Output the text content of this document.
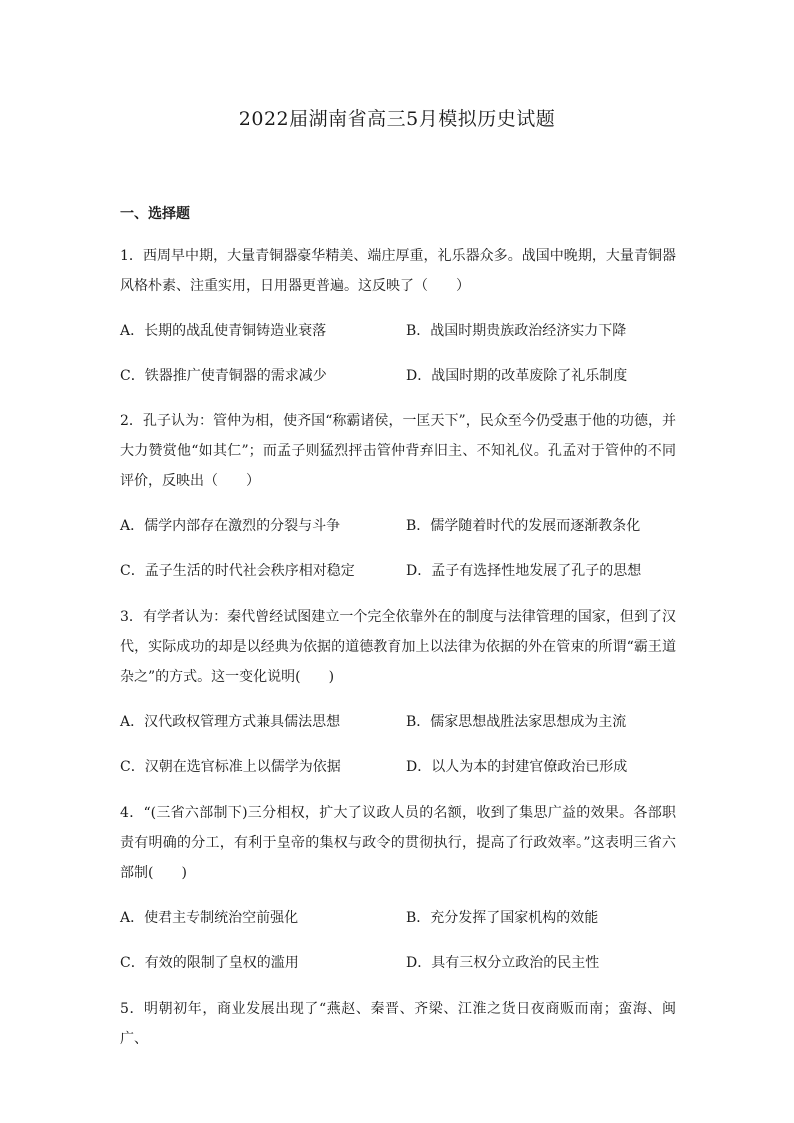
2022届湖南省高三5月模拟历史试题
一、选择题
1．西周早中期，大量青铜器豪华精美、端庄厚重，礼乐器众多。战国中晚期，大量青铜器风格朴素、注重实用，日用器更普遍。这反映了（　　）
A．长期的战乱使青铜铸造业衰落	B．战国时期贵族政治经济实力下降
C．铁器推广使青铜器的需求减少	D．战国时期的改革废除了礼乐制度
2．孔子认为：管仲为相，使齐国“称霸诸侯，一匡天下”，民众至今仍受惠于他的功德，并大力赞赏他“如其仁”；而孟子则猛烈抨击管仲背弃旧主、不知礼仪。孔孟对于管仲的不同评价，反映出（　　）
A．儒学内部存在激烈的分裂与斗争	B．儒学随着时代的发展而逐渐教条化
C．孟子生活的时代社会秩序相对稳定	D．孟子有选择性地发展了孔子的思想
3．有学者认为：秦代曾经试图建立一个完全依靠外在的制度与法律管理的国家，但到了汉代，实际成功的却是以经典为依据的道德教育加上以法律为依据的外在管束的所谓“霸王道杂之”的方式。这一变化说明(　　)
A．汉代政权管理方式兼具儒法思想	B．儒家思想战胜法家思想成为主流
C．汉朝在选官标准上以儒学为依据	D．以人为本的封建官僚政治已形成
4．“(三省六部制下)三分相权，扩大了议政人员的名额，收到了集思广益的效果。各部职责有明确的分工，有利于皇帝的集权与政令的贯彻执行，提高了行政效率。”这表明三省六部制(　　)
A．使君主专制统治空前强化	B．充分发挥了国家机构的效能
C．有效的限制了皇权的滥用	D．具有三权分立政治的民主性
5．明朝初年，商业发展出现了“燕赵、秦晋、齐梁、江淮之货日夜商贩而南；蛮海、闽广、
